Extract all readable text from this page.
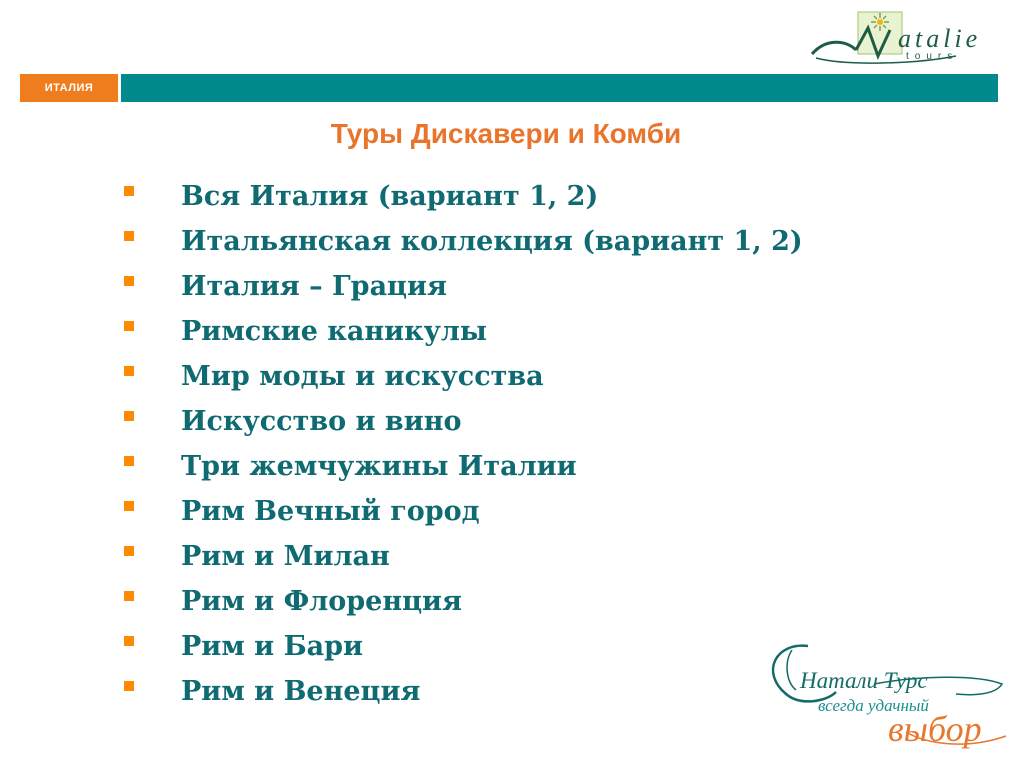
atalie
tours
ИТАЛИЯ
Туры Дискавери и Комби
Вся Италия (вариант 1, 2)
Итальянская коллекция (вариант 1, 2)
Италия – Грация
Римские каникулы
Мир моды и искусства
Искусство и вино
Три жемчужины Италии
Рим Вечный город
Рим и Милан
Рим и Флоренция
Рим и Бари
Рим и Венеция	Натали Турс
всегда удачный
выбор
